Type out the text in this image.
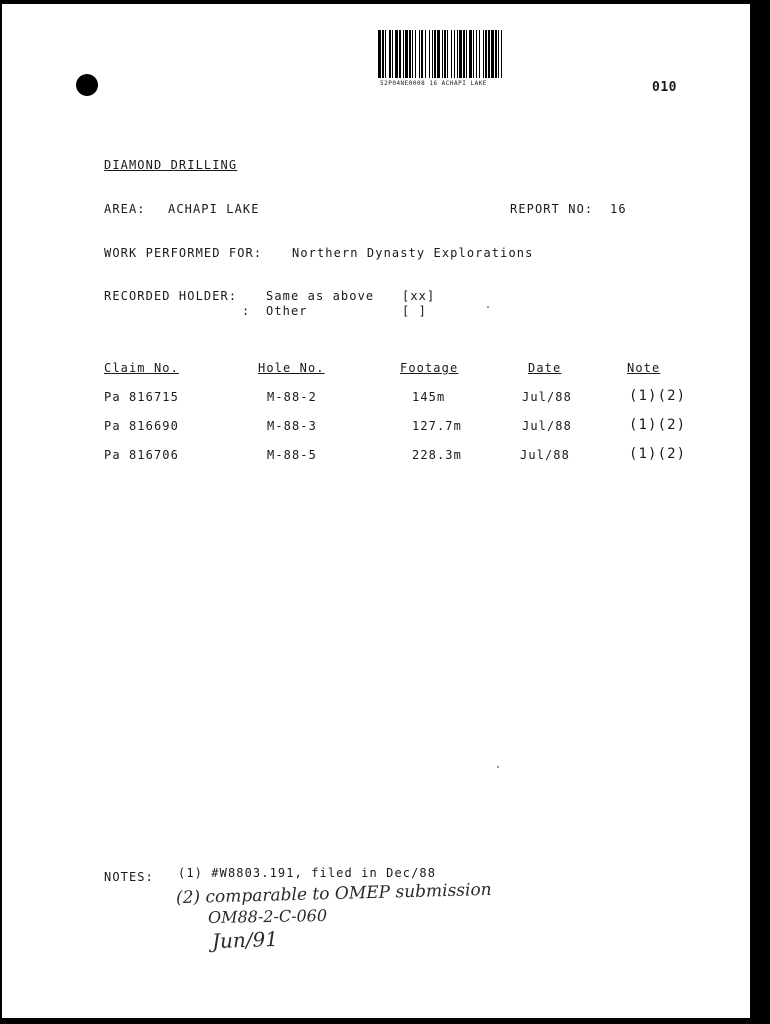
52P04NE0008 16 ACHAPI LAKE	010
DIAMOND DRILLING
AREA: ACHAPI LAKE	REPORT NO: 16
WORK PERFORMED FOR: Northern Dynasty Explorations
RECORDED HOLDER: Same as above [xx]
: Other	[ ]
Claim No.	Hole No.	Footage	Date	Note
Pa 816715	M-88-2	145m	Jul/88	(1)(2)
Pa 816690	M-88-3	127.7m	Jul/88	(1)(2)
Pa 816706	M-88-5	228.3m	Jul/88	(1)(2)
NOTES: (1) #W8803.191, filed in Dec/88
(2) comparable to OMEP submission
OM88-2-C-060
Jun/91
